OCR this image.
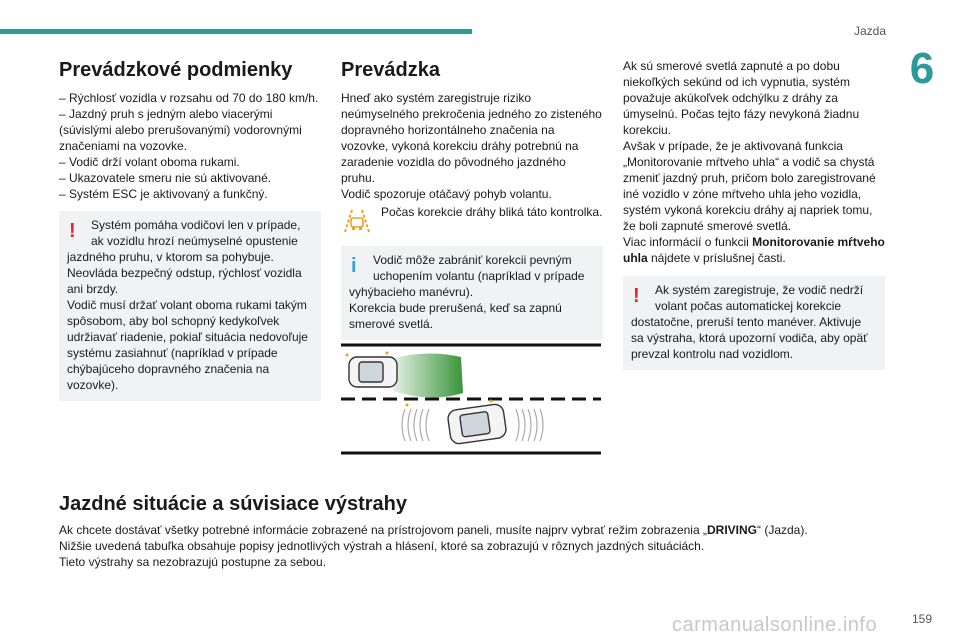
Jazda
6
Prevádzkové podmienky

– Rýchlosť vozidla v rozsahu od 70 do 180 km/h.

– Jazdný pruh s jedným alebo viacerými (súvislými alebo prerušovanými) vodorovnými značeniami na vozovke.

– Vodič drží volant oboma rukami.

– Ukazovatele smeru nie sú aktivované.

– Systém ESC je aktivovaný a funkčný.

!	Systém pomáha vodičovi len v prípade,

ak vozidlu hrozí neúmyselné opustenie

jazdného pruhu, v ktorom sa pohybuje. Neovláda bezpečný odstup, rýchlosť vozidla ani brzdy.

Vodič musí držať volant oboma rukami takým spôsobom, aby bol schopný kedykoľvek udržiavať riadenie, pokiaľ situácia nedovoľuje systému zasiahnuť (napríklad v prípade chýbajúceho dopravného značenia na vozovke).

Prevádzka

Hneď ako systém zaregistruje riziko neúmyselného prekročenia jedného zo zisteného dopravného horizontálneho značenia na vozovke, vykoná korekciu dráhy potrebnú na zaradenie vozidla do pôvodného jazdného pruhu.

Vodič spozoruje otáčavý pohyb volantu.

Počas korekcie dráhy bliká táto kontrolka.

i	Vodič môže zabrániť korekcii pevným

uchopením volantu (napríklad v prípade

vyhýbacieho manévru).

Korekcia bude prerušená, keď sa zapnú smerové svetlá.

Ak sú smerové svetlá zapnuté a po dobu niekoľkých sekúnd od ich vypnutia, systém považuje akúkoľvek odchýlku z dráhy za úmyselnú. Počas tejto fázy nevykoná žiadnu korekciu.

Avšak v prípade, že je aktivovaná funkcia „Monitorovanie mŕtveho uhla“ a vodič sa chystá zmeniť jazdný pruh, pričom bolo zaregistrované iné vozidlo v zóne mŕtveho uhla jeho vozidla, systém vykoná korekciu dráhy aj napriek tomu, že boli zapnuté smerové svetlá.

Viac informácií o funkcii Monitorovanie mŕtveho uhla nájdete v príslušnej časti.

!	Ak systém zaregistruje, že vodič nedrží

volant počas automatickej korekcie

dostatočne, preruší tento manéver. Aktivuje sa výstraha, ktorá upozorní vodiča, aby opäť prevzal kontrolu nad vozidlom.

Jazdné situácie a súvisiace výstrahy

Ak chcete dostávať všetky potrebné informácie zobrazené na prístrojovom paneli, musíte najprv vybrať režim zobrazenia „DRIVING“ (Jazda).

Nižšie uvedená tabuľka obsahuje popisy jednotlivých výstrah a hlásení, ktoré sa zobrazujú v rôznych jazdných situáciách.

Tieto výstrahy sa nezobrazujú postupne za sebou.

carmanualsonline.info	159
